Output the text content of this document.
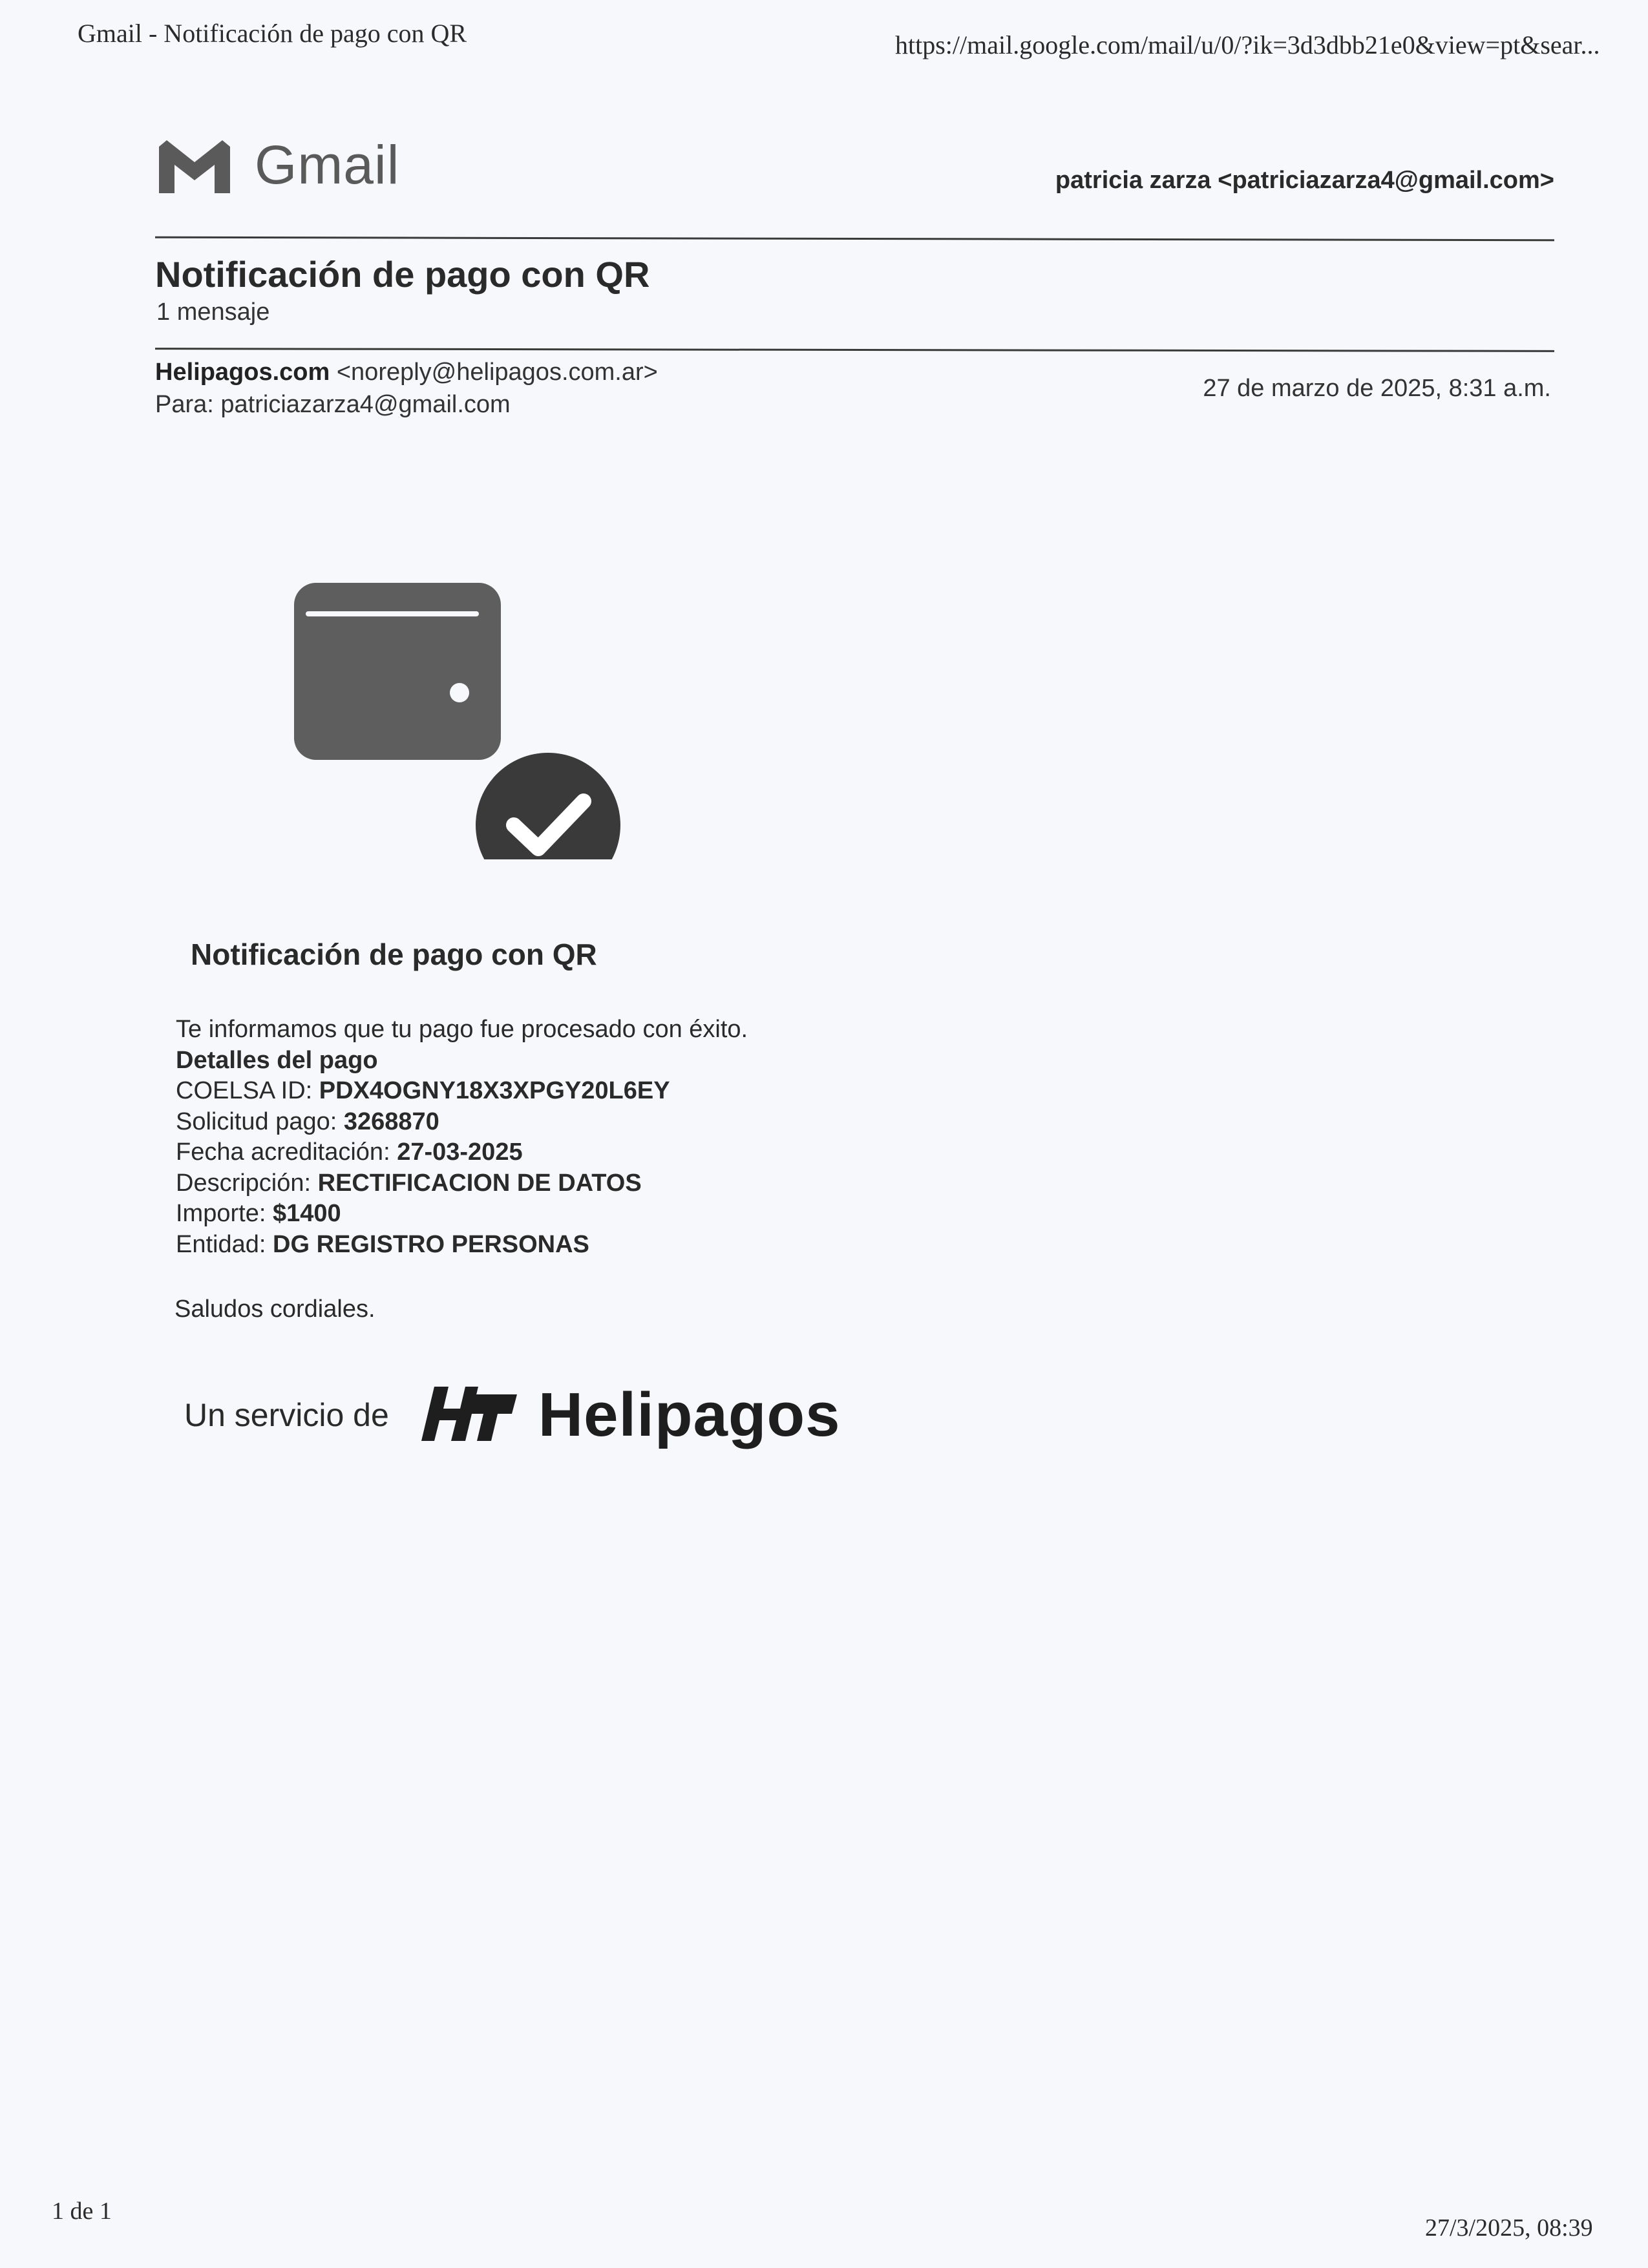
Gmail - Notificación de pago con QR	https://mail.google.com/mail/u/0/?ik=3d3dbb21e0&view=pt&sear...
Gmail	patricia zarza <patriciazarza4@gmail.com>
Notificación de pago con QR
1 mensaje
Helipagos.com <noreply@helipagos.com.ar>
Para: patriciazarza4@gmail.com
27 de marzo de 2025, 8:31 a.m.
Notificación de pago con QR
Te informamos que tu pago fue procesado con éxito.
Detalles del pago
COELSA ID: PDX4OGNY18X3XPGY20L6EY
Solicitud pago: 3268870
Fecha acreditación: 27-03-2025
Descripción: RECTIFICACION DE DATOS
Importe: $1400
Entidad: DG REGISTRO PERSONAS
Saludos cordiales.
Un servicio de Helipagos
1 de 1
27/3/2025, 08:39
